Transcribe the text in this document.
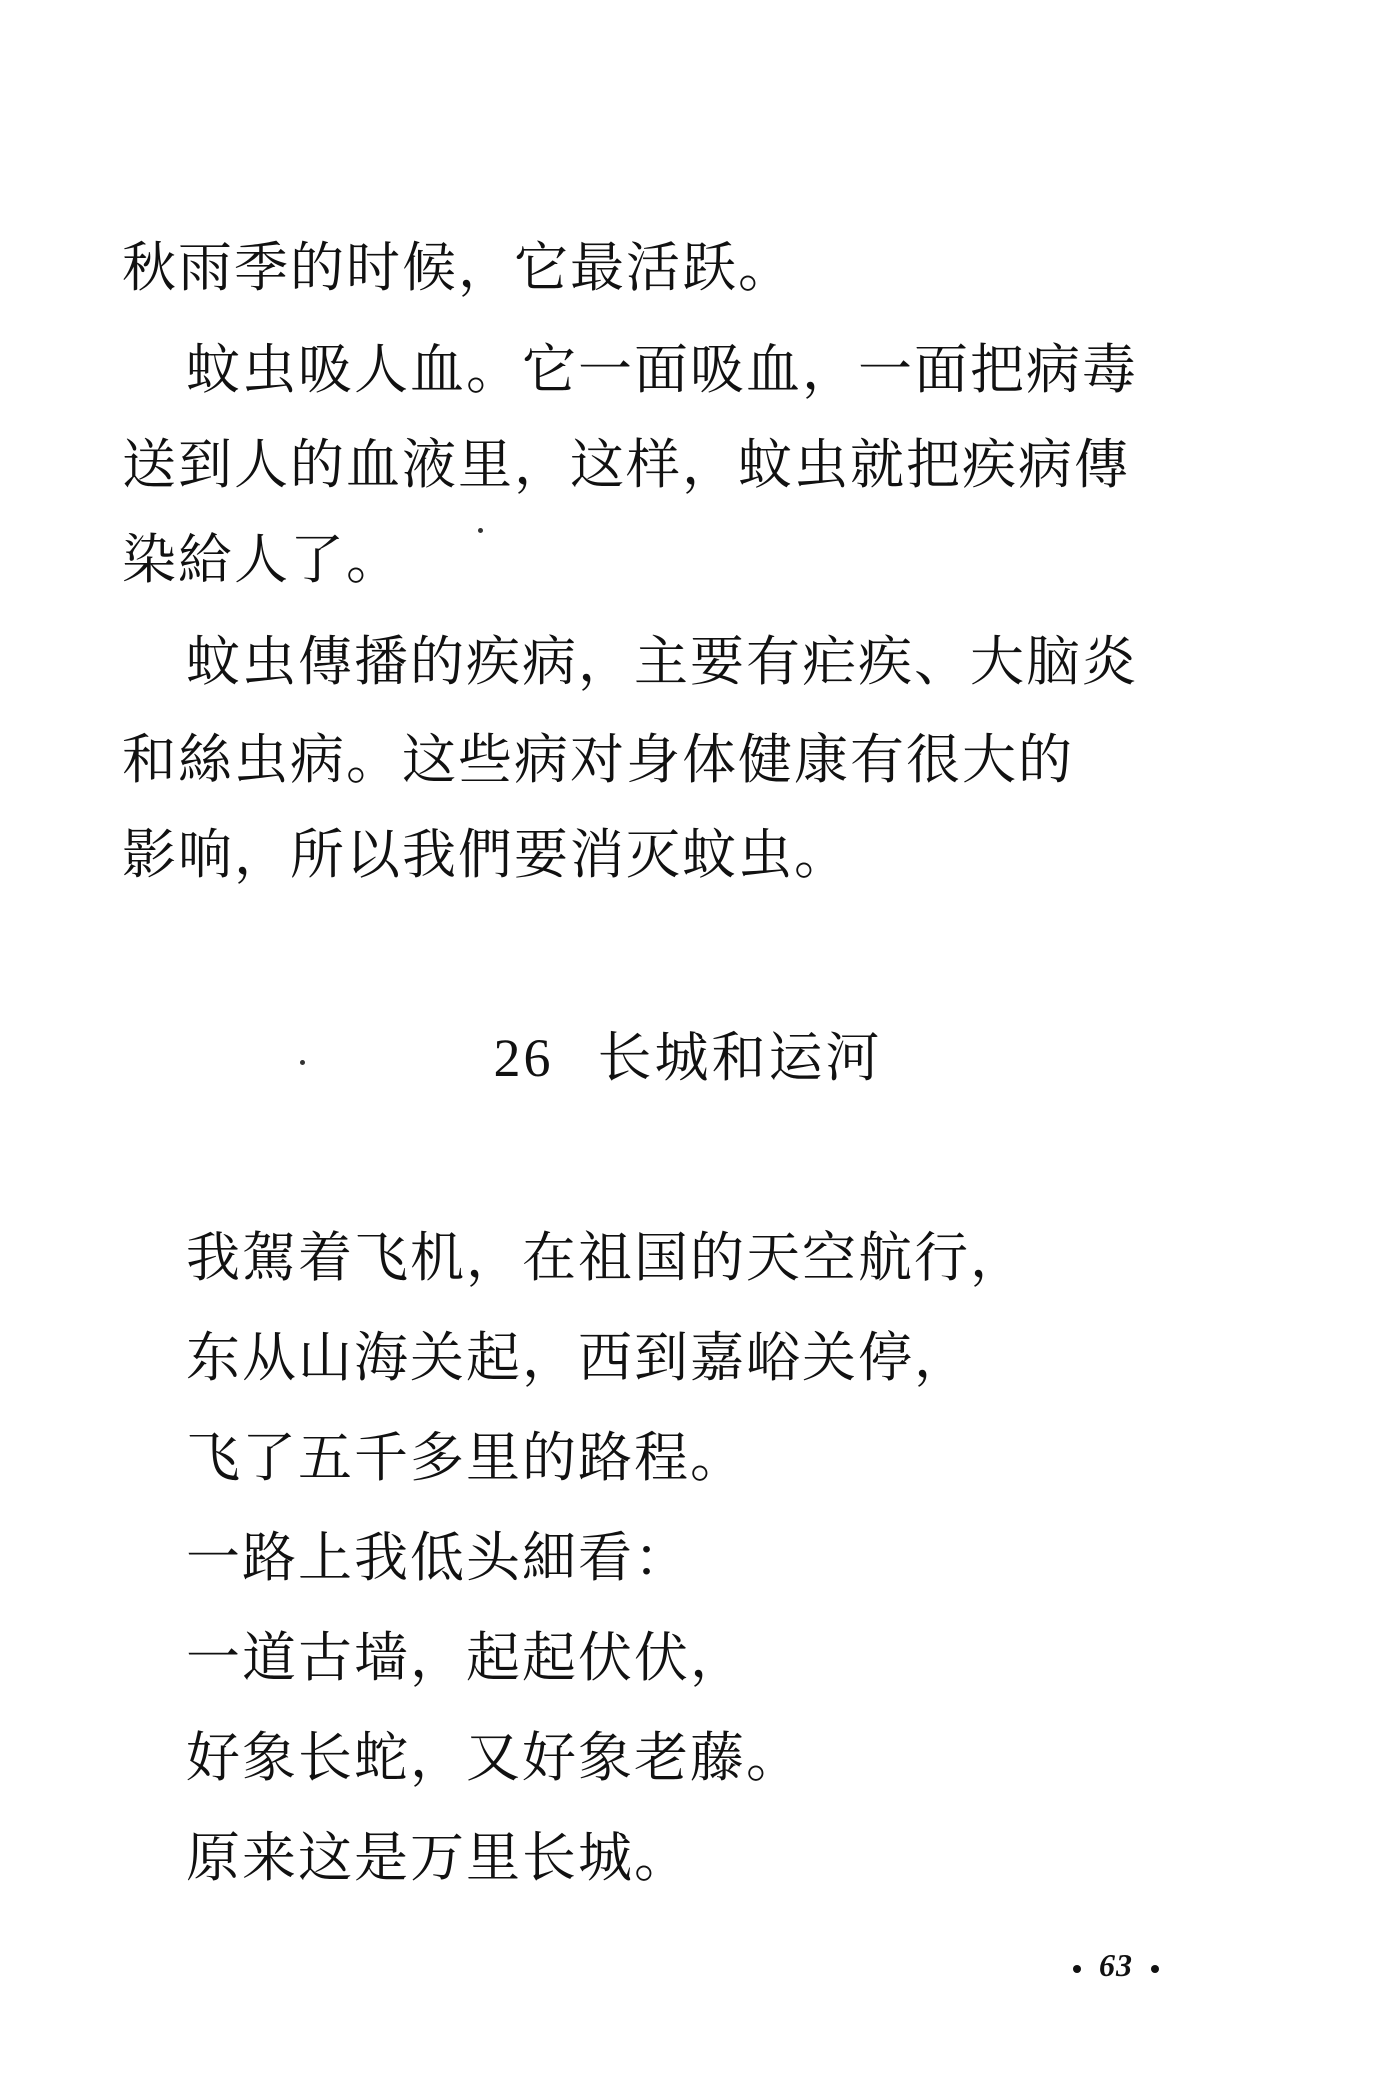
秋雨季的时候，它最活跃。
蚊虫吸人血。它一面吸血，一面把病毒
送到人的血液里，这样，蚊虫就把疾病傳
染給人了。
蚊虫傳播的疾病，主要有疟疾、大脑炎
和絲虫病。这些病对身体健康有很大的
影响，所以我們要消灭蚊虫。
26 长城和运河
我駕着飞机，在祖国的天空航行，
东从山海关起，西到嘉峪关停，
飞了五千多里的路程。
一路上我低头細看：
一道古墙，起起伏伏，
好象长蛇，又好象老藤。
原来这是万里长城。
63
